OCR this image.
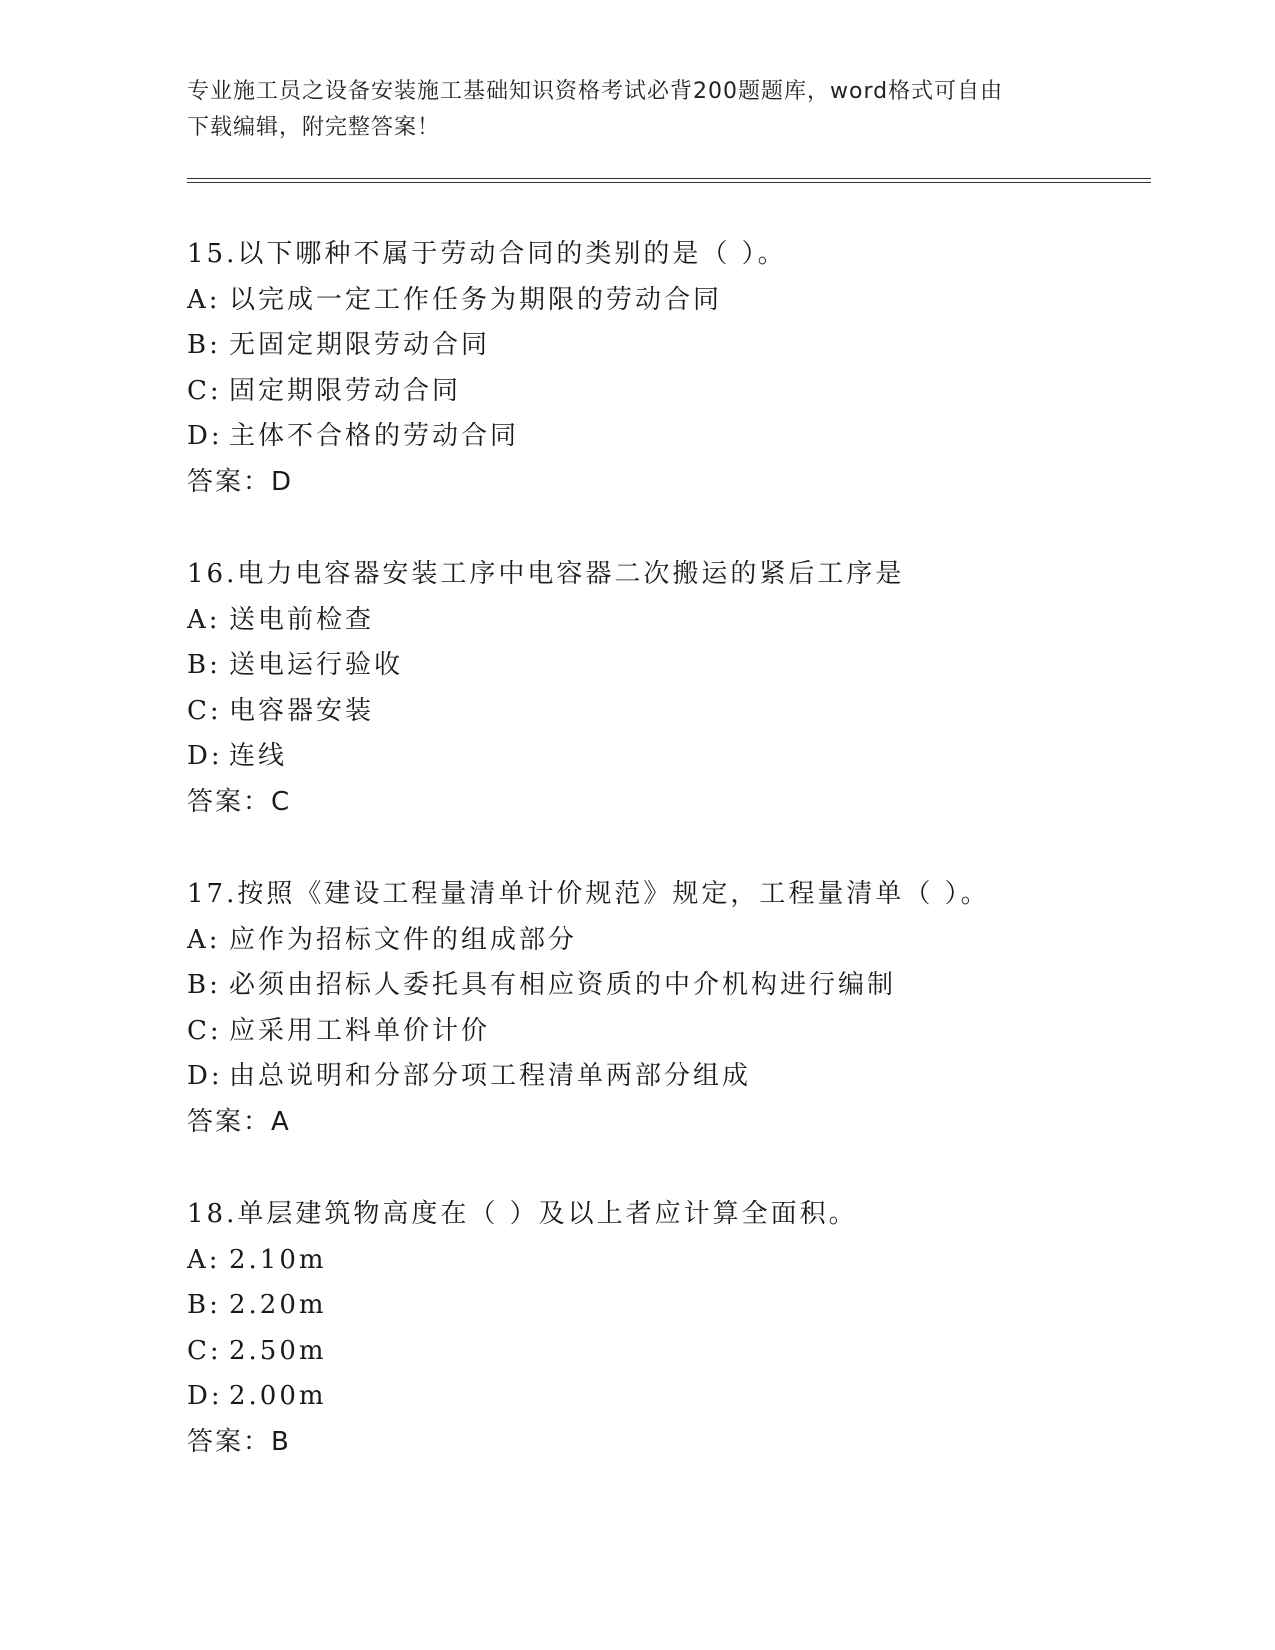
专业施工员之设备安装施工基础知识资格考试必背200题题库，word格式可自由

下载编辑，附完整答案！

15.以下哪种不属于劳动合同的类别的是（ ）。
A: 以完成一定工作任务为期限的劳动合同
B: 无固定期限劳动合同
C: 固定期限劳动合同
D: 主体不合格的劳动合同
答案：D
16.电力电容器安装工序中电容器二次搬运的紧后工序是
A: 送电前检查
B: 送电运行验收
C: 电容器安装
D: 连线
答案：C
17.按照《建设工程量清单计价规范》规定，工程量清单（ ）。
A: 应作为招标文件的组成部分
B: 必须由招标人委托具有相应资质的中介机构进行编制
C: 应采用工料单价计价
D: 由总说明和分部分项工程清单两部分组成
答案：A
18.单层建筑物高度在（ ）及以上者应计算全面积。
A: 2.10m
B: 2.20m
C: 2.50m
D: 2.00m
答案：B
